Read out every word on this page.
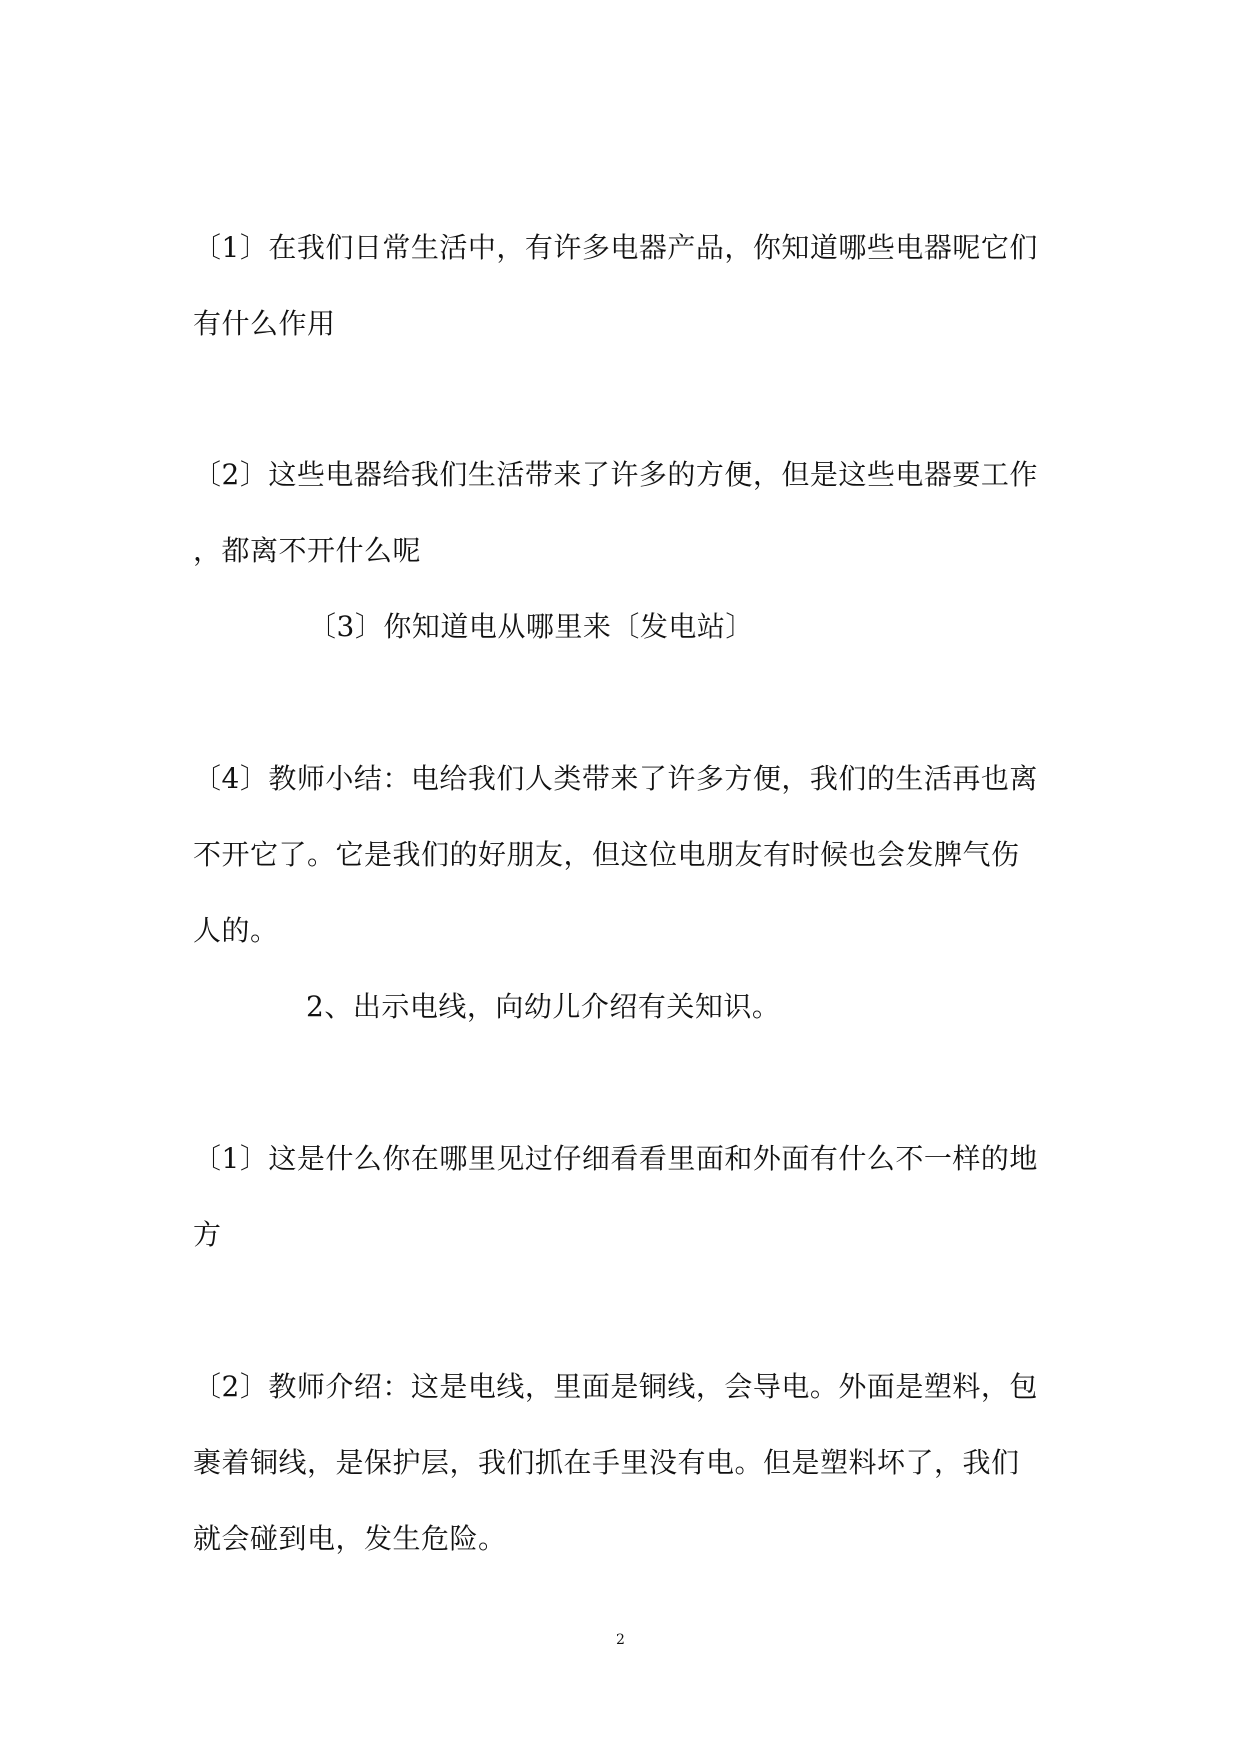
〔1〕在我们日常生活中，有许多电器产品，你知道哪些电器呢它们
有什么作用
〔2〕这些电器给我们生活带来了许多的方便，但是这些电器要工作
，都离不开什么呢
〔3〕你知道电从哪里来〔发电站〕
〔4〕教师小结：电给我们人类带来了许多方便，我们的生活再也离
不开它了。它是我们的好朋友，但这位电朋友有时候也会发脾气伤
人的。
2、出示电线，向幼儿介绍有关知识。
〔1〕这是什么你在哪里见过仔细看看里面和外面有什么不一样的地
方
〔2〕教师介绍：这是电线，里面是铜线，会导电。外面是塑料，包
裹着铜线，是保护层，我们抓在手里没有电。但是塑料坏了，我们
就会碰到电，发生危险。
2
